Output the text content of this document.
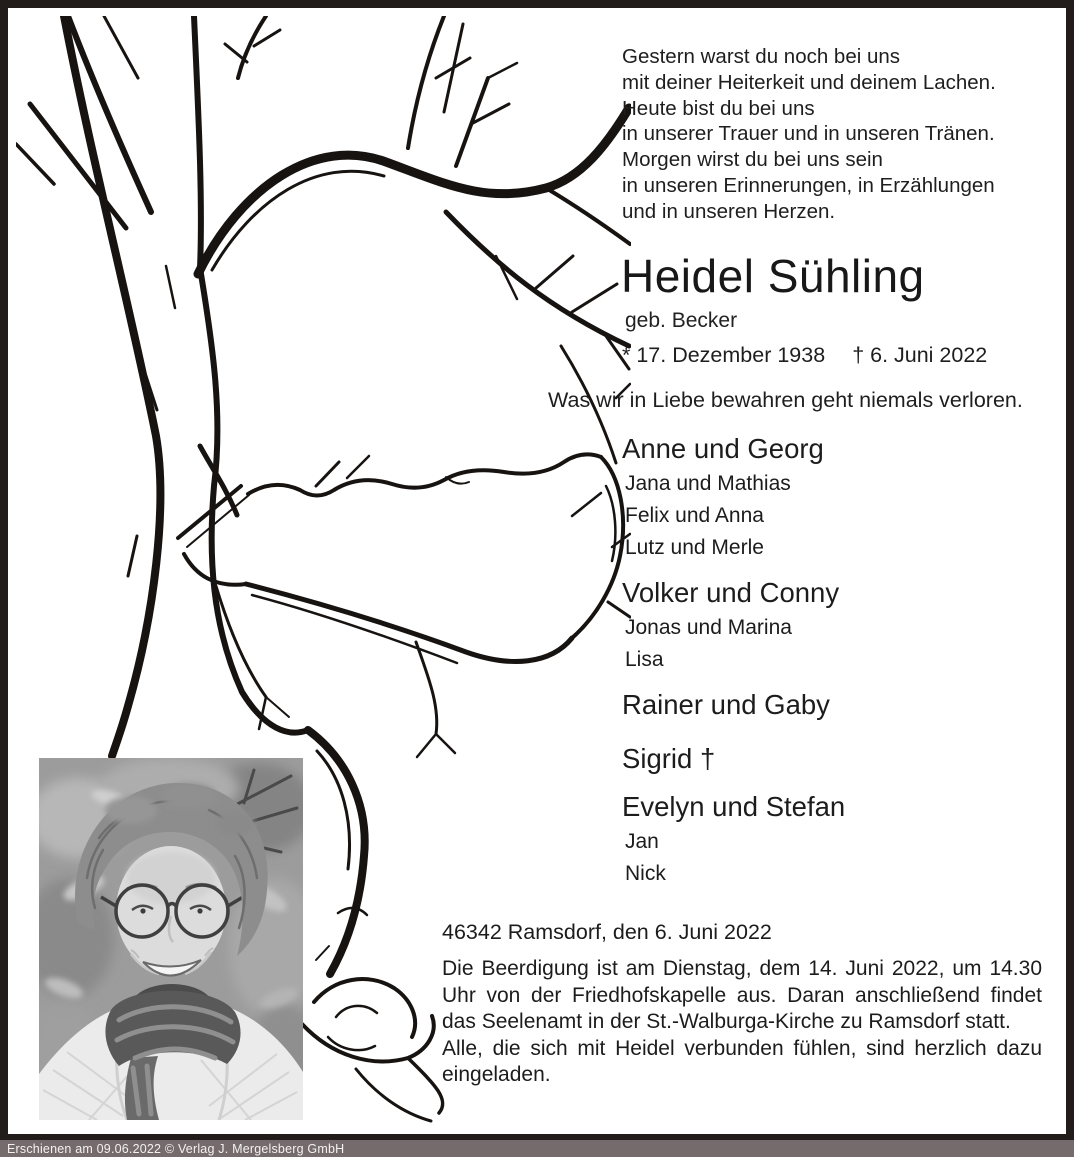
Gestern warst du noch bei uns
mit deiner Heiterkeit und deinem Lachen.
Heute bist du bei uns
in unserer Trauer und in unseren Tränen.
Morgen wirst du bei uns sein
in unseren Erinnerungen, in Erzählungen
und in unseren Herzen.
Heidel Sühling
geb. Becker
* 17. Dezember 1938 † 6. Juni 2022
Was wir in Liebe bewahren geht niemals verloren.
Anne und Georg
Jana und Mathias
Felix und Anna
Lutz und Merle
Volker und Conny
Jonas und Marina
Lisa
Rainer und Gaby
Sigrid †
Evelyn und Stefan
Jan
Nick
46342 Ramsdorf, den 6. Juni 2022

Die Beerdigung ist am Dienstag, dem 14. Juni 2022, um 14.30 Uhr von der Friedhofskapelle aus. Daran anschließend findet das Seelenamt in der St.-Walburga-Kirche zu Ramsdorf statt.

Alle, die sich mit Heidel verbunden fühlen, sind herzlich dazu eingeladen.

Erschienen am 09.06.2022 © Verlag J. Mergelsberg GmbH
